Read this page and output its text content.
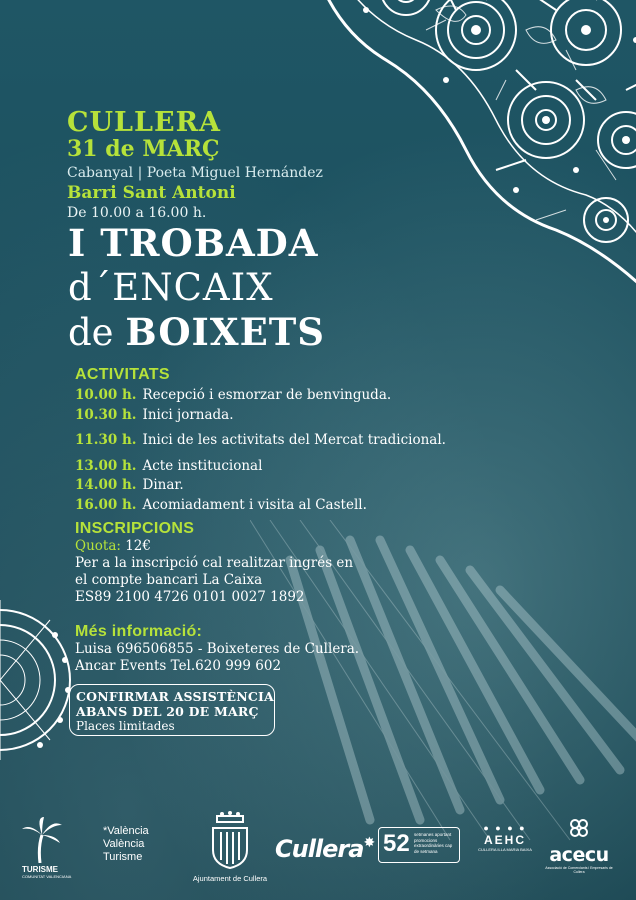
CULLERA
31 de MARÇ
Cabanyal | Poeta Miguel Hernández
Barri Sant Antoni
De 10.00 a 16.00 h.
I TROBADA
d´ENCAIX
de BOIXETS
ACTIVITATS
10.00 h. Recepció i esmorzar de benvinguda.
10.30 h. Inici jornada.
11.30 h. Inici de les activitats del Mercat tradicional.
13.00 h. Acte institucional
14.00 h. Dinar.
16.00 h. Acomiadament i visita al Castell.
INSCRIPCIONS
Quota: 12€
Per a la inscripció cal realitzar ingrés en
el compte bancari La Caixa
ES89 2100 4726 0101 0027 1892
Més informació:
Luisa 696506855 - Boixeteres de Cullera.
Ancar Events Tel.620 999 602
CONFIRMAR ASSISTÈNCIA
ABANS DEL 20 DE MARÇ
Places limitades
TURISME
COMUNITAT VALENCIANA
*València
València
Turisme
Ajuntament de Cullera
Cullera✸ 52 setmanes aportant promocions extraordinàries cap de setmana
● ● ● ●
AEHC
CULLERA ILLA MARIA BAIXA acecu
Associació de Comerciants i Empresaris de Cullera
